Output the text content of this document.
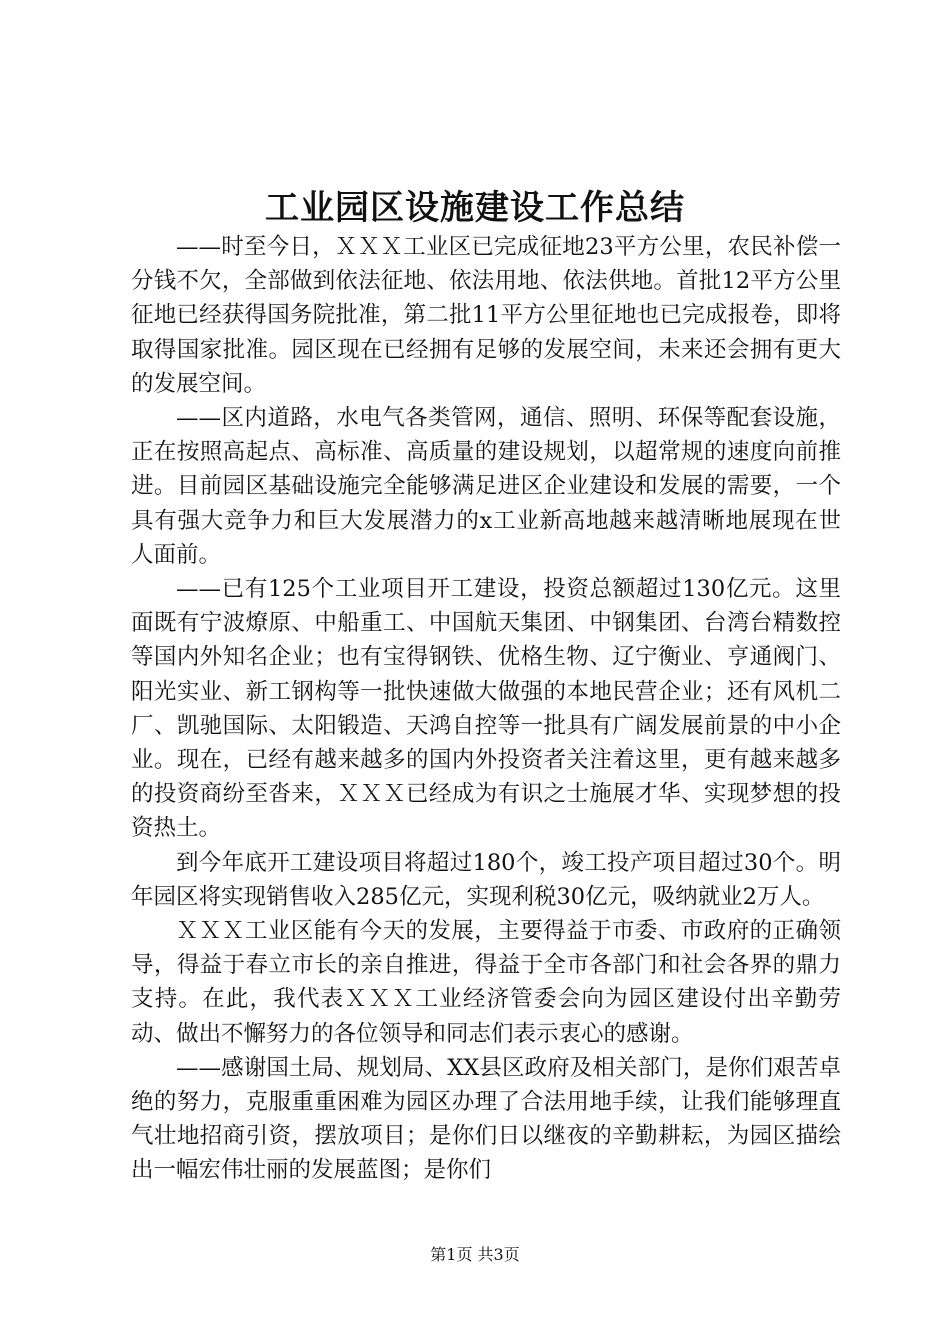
工业园区设施建设工作总结

——时至今日，ＸＸＸ工业区已完成征地23平方公里，农民补偿一分钱不欠，全部做到依法征地、依法用地、依法供地。首批12平方公里征地已经获得国务院批准，第二批11平方公里征地也已完成报卷，即将取得国家批准。园区现在已经拥有足够的发展空间，未来还会拥有更大的发展空间。

——区内道路，水电气各类管网，通信、照明、环保等配套设施，正在按照高起点、高标准、高质量的建设规划，以超常规的速度向前推进。目前园区基础设施完全能够满足进区企业建设和发展的需要，一个具有强大竞争力和巨大发展潜力的x工业新高地越来越清晰地展现在世人面前。

——已有125个工业项目开工建设，投资总额超过130亿元。这里面既有宁波燎原、中船重工、中国航天集团、中钢集团、台湾台精数控等国内外知名企业；也有宝得钢铁、优格生物、辽宁衡业、亨通阀门、阳光实业、新工钢构等一批快速做大做强的本地民营企业；还有风机二厂、凯驰国际、太阳锻造、天鸿自控等一批具有广阔发展前景的中小企业。现在，已经有越来越多的国内外投资者关注着这里，更有越来越多的投资商纷至沓来，ＸＸＸ已经成为有识之士施展才华、实现梦想的投资热土。

到今年底开工建设项目将超过180个，竣工投产项目超过30个。明年园区将实现销售收入285亿元，实现利税30亿元，吸纳就业2万人。

ＸＸＸ工业区能有今天的发展，主要得益于市委、市政府的正确领导，得益于春立市长的亲自推进，得益于全市各部门和社会各界的鼎力支持。在此，我代表ＸＸＸ工业经济管委会向为园区建设付出辛勤劳动、做出不懈努力的各位领导和同志们表示衷心的感谢。

——感谢国土局、规划局、XX县区政府及相关部门，是你们艰苦卓绝的努力，克服重重困难为园区办理了合法用地手续，让我们能够理直气壮地招商引资，摆放项目；是你们日以继夜的辛勤耕耘，为园区描绘出一幅宏伟壮丽的发展蓝图；是你们

第1页 共3页
